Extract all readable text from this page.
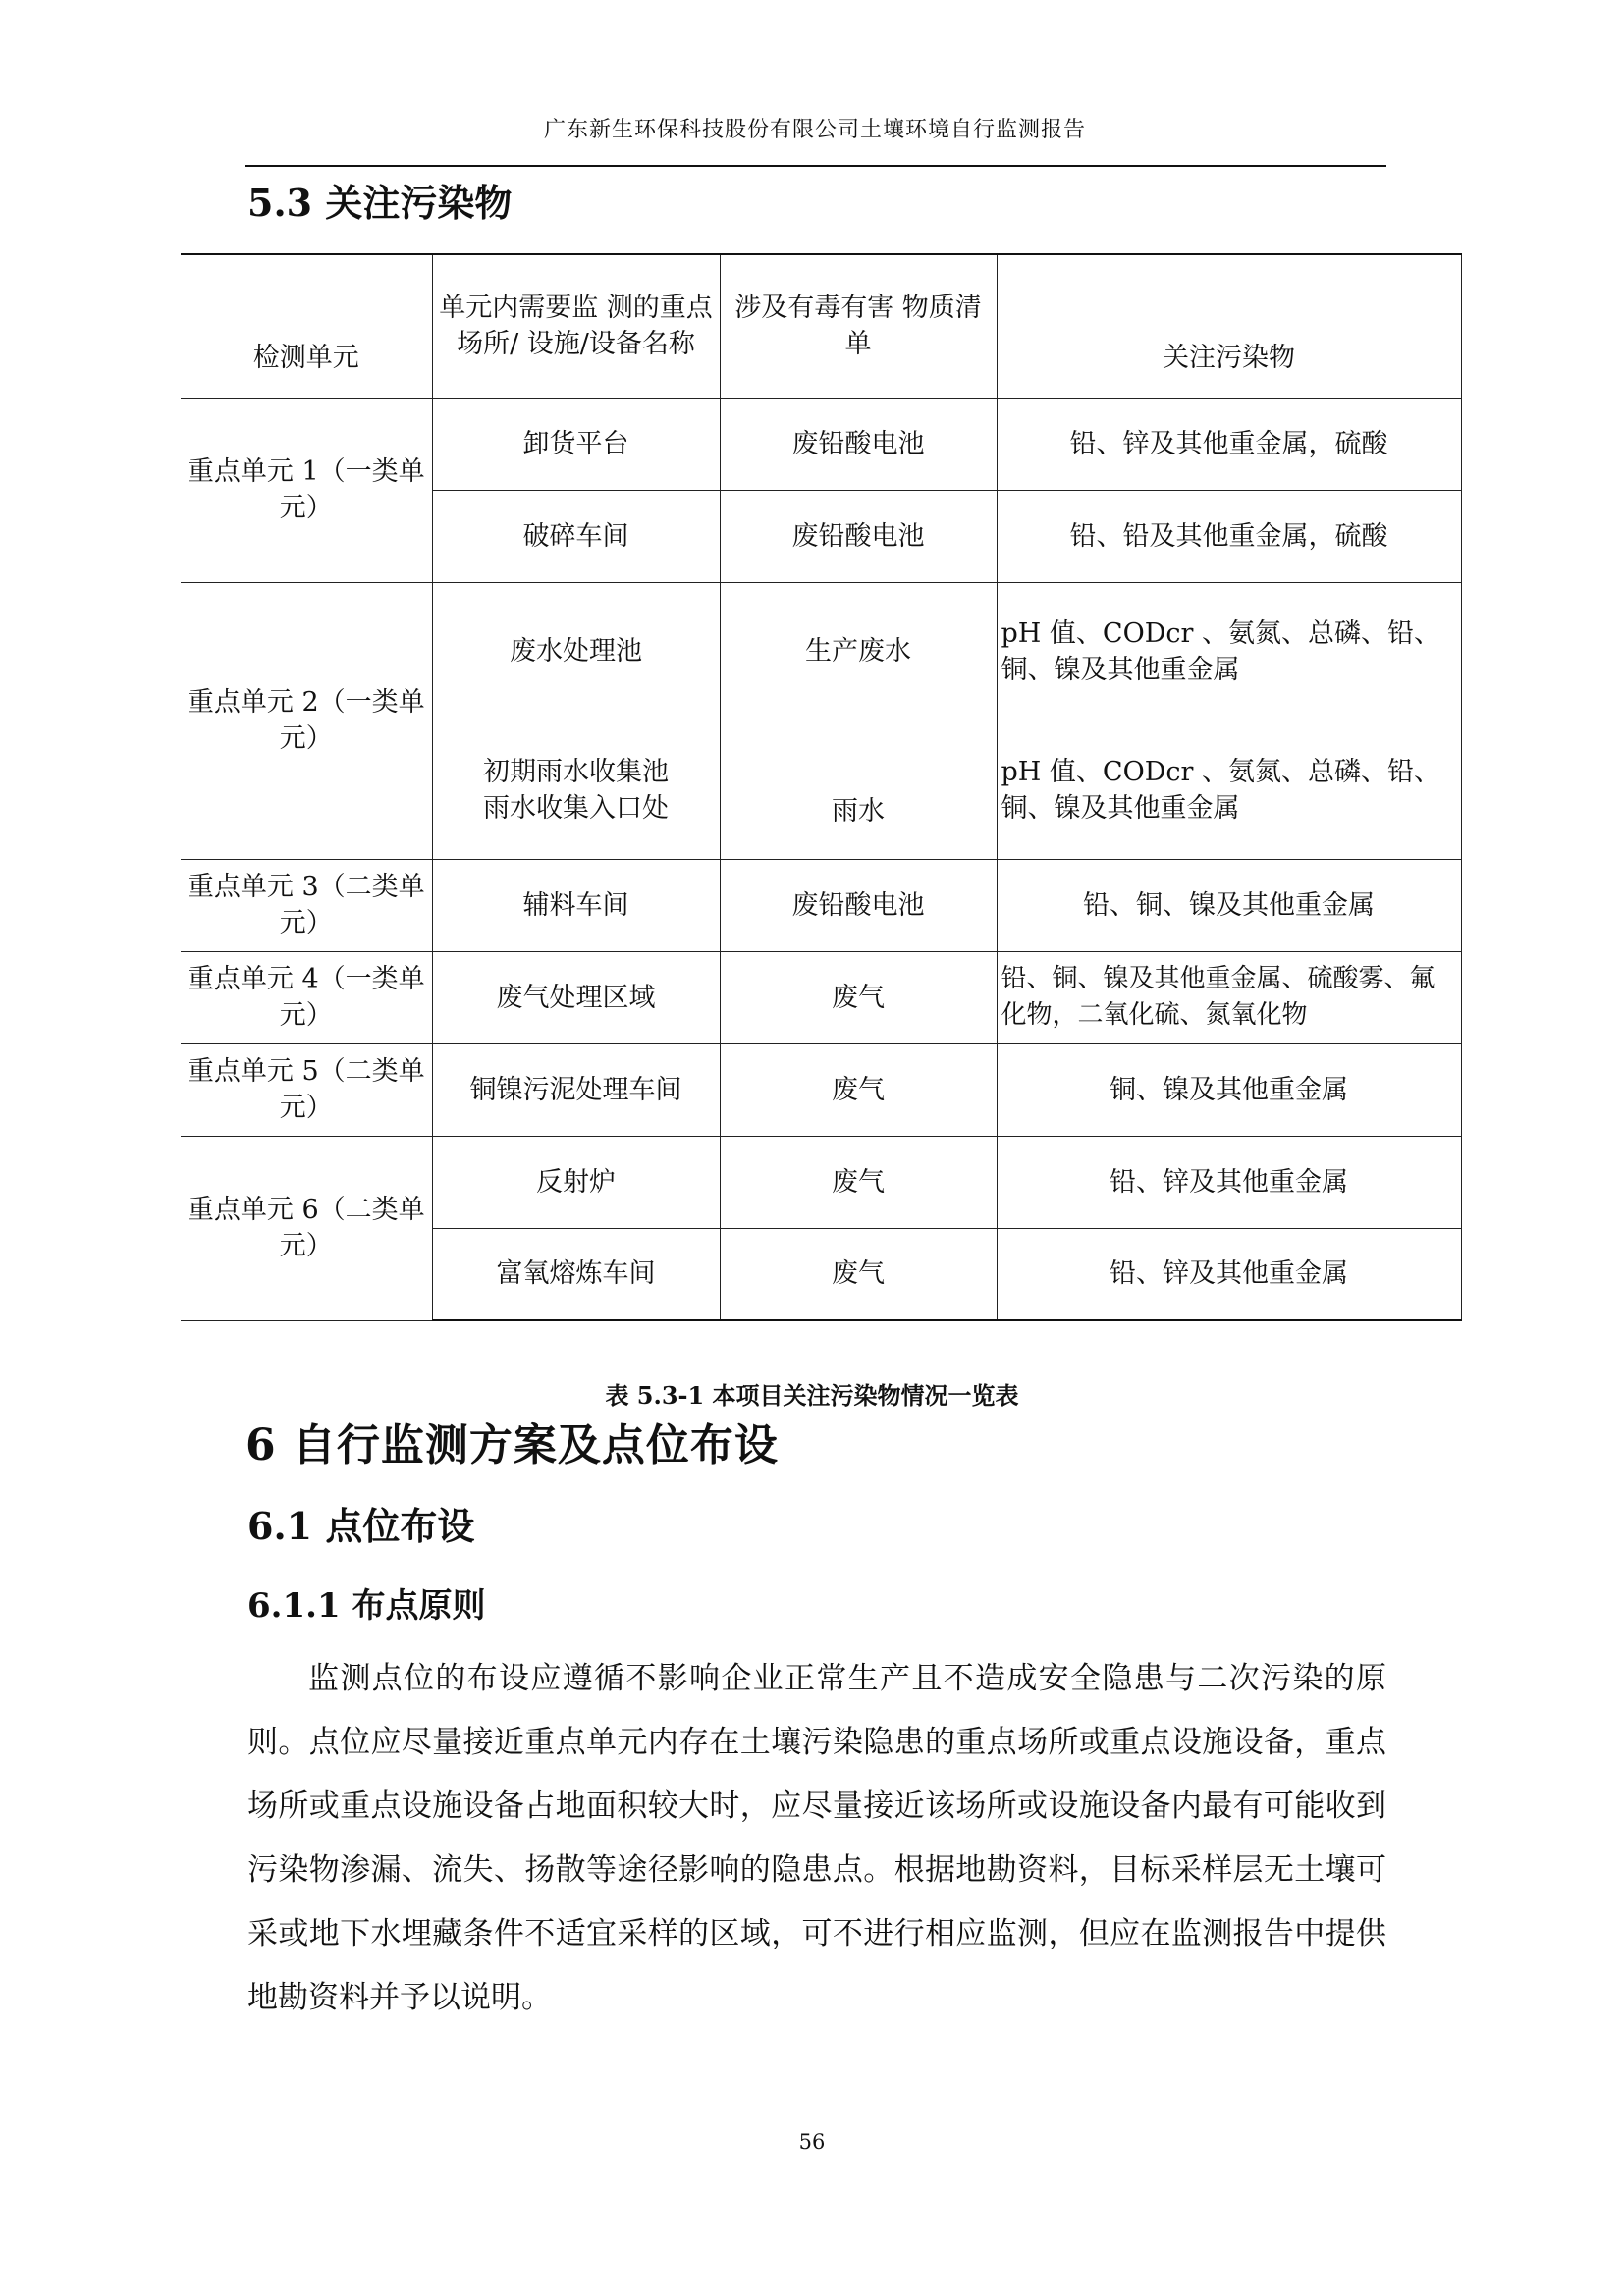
广东新生环保科技股份有限公司土壤环境自行监测报告
5.3 关注污染物
检测单元	单元内需要监 测的重点场所/ 设施/设备名称	涉及有毒有害 物质清单	关注污染物
重点单元 1（一类单元）	卸货平台	废铅酸电池	铅、锌及其他重金属，硫酸
	破碎车间	废铅酸电池	铅、铅及其他重金属，硫酸
重点单元 2（一类单元）	废水处理池	生产废水	pH 值、CODcr 、氨氮、总磷、铅、铜、镍及其他重金属
	初期雨水收集池雨水收集入口处	雨水	pH 值、CODcr 、氨氮、总磷、铅、铜、镍及其他重金属
重点单元 3（二类单元）	辅料车间	废铅酸电池	铅、铜、镍及其他重金属
重点单元 4（一类单元）	废气处理区域	废气	铅、铜、镍及其他重金属、硫酸雾、氟化物，二氧化硫、氮氧化物
重点单元 5（二类单元）	铜镍污泥处理车间	废气	铜、镍及其他重金属
重点单元 6（二类单元）	反射炉	废气	铅、锌及其他重金属
	富氧熔炼车间	废气	铅、锌及其他重金属
表 5.3-1 本项目关注污染物情况一览表
6 自行监测方案及点位布设
6.1 点位布设
6.1.1 布点原则

监测点位的布设应遵循不影响企业正常生产且不造成安全隐患与二次污染的原则。点位应尽量接近重点单元内存在土壤污染隐患的重点场所或重点设施设备，重点场所或重点设施设备占地面积较大时，应尽量接近该场所或设施设备内最有可能收到污染物渗漏、流失、扬散等途径影响的隐患点。根据地勘资料，目标采样层无土壤可采或地下水埋藏条件不适宜采样的区域，可不进行相应监测，但应在监测报告中提供地勘资料并予以说明。

56
